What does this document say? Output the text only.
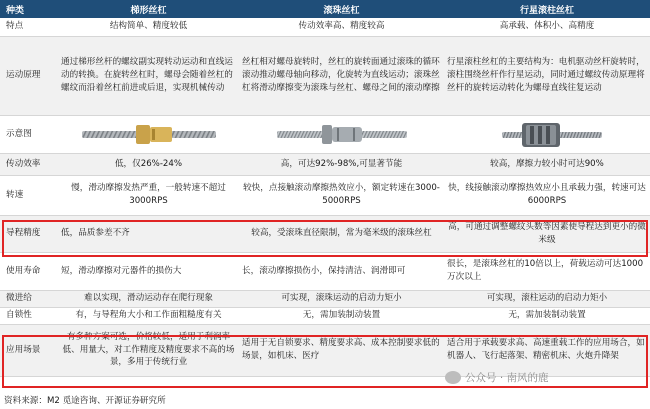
种类	梯形丝杠	滚珠丝杠	行星滚柱丝杠
特点	结构简单、精度较低	传动效率高、精度较高	高承载、体积小、高精度
运动原理	通过梯形丝杆的螺纹副实现转动运动和直线运动的转换。在旋转丝杠时，螺母会随着丝杠的螺纹而沿着丝杠前进或后退，实现机械传动	丝杠相对螺母旋转时，丝杠的旋转面通过滚珠的循环滚动推动螺母轴向移动，化旋转为直线运动；滚珠丝杠将滑动摩擦变为滚珠与丝杠、螺母之间的滚动摩擦	行星滚柱丝杠的主要结构为：电机驱动丝杆旋转时，滚柱围绕丝杆作行星运动，同时通过螺纹传动原理将丝杆的旋转运动转化为螺母直线往复运动
示意图	

传动效率	低，仅26%-24%	高，可达92%-98%,可显著节能	较高，摩擦力较小时可达90%
转速	慢，滑动摩擦发热严重，一般转速不超过3000RPS	较快，点接触滚动摩擦热效应小，额定转速在3000-5000RPS	快，线接触滚动摩擦热效应小且承载力强，转速可达6000RPS
导程精度	低，品质参差不齐	较高，受滚珠直径限制，常为毫米级的滚珠丝杠	高，可通过调整螺纹头数等因素使导程达到更小的微米级
使用寿命	短，滑动摩擦对元器件的损伤大	长，滚动摩擦损伤小，保持清洁、润滑即可	很长，是滚珠丝杠的10倍以上，荷载运动可达1000万次以上
微进给	难以实现，滑动运动存在爬行现象	可实现，滚珠运动的启动力矩小	可实现，滚柱运动的启动力矩小
自锁性	有，与导程角大小和工作面粗糙度有关	无，需加装制动装置	无，需加装制动装置
应用场景	有多种方案可选，价格较低，适用于利润率低、用量大，对工作精度及精度要求不高的场景，多用于传统行业	适用于无自锁要求、精度要求高、成本控制要求低的场景，如机床、医疗	适合用于承载要求高、高速重载工作的应用场合，如机器人、飞行起落架、精密机床、火炮升降架
公众号 · 南风的鹿
资料来源：M2 觅途咨询、开源证券研究所
